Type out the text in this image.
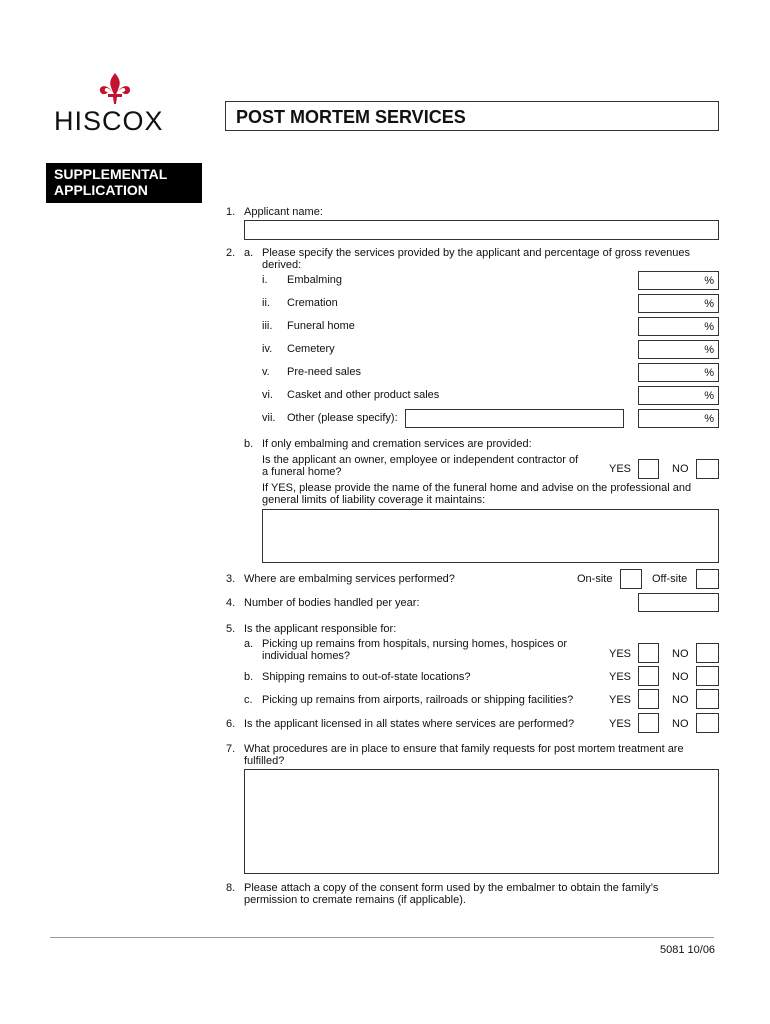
HISCOX	POST MORTEM SERVICES
SUPPLEMENTAL
APPLICATION
1. Applicant name:
2. a. Please specify the services provided by the applicant and percentage of gross revenues
derived:
i. Embalming	%
ii. Cremation	%
iii. Funeral home	%
iv. Cemetery	%
v. Pre-need sales	%
vi. Casket and other product sales	%
vii. Other (please specify):	%
b. If only embalming and cremation services are provided:
Is the applicant an owner, employee or independent contractor of
a funeral home?	YES	NO
If YES, please provide the name of the funeral home and advise on the professional and
general limits of liability coverage it maintains:
3. Where are embalming services performed?	On-site	Off-site
4. Number of bodies handled per year:
5. Is the applicant responsible for:
a. Picking up remains from hospitals, nursing homes, hospices or
individual homes?	YES	NO
b. Shipping remains to out-of-state locations?	YES	NO
c. Picking up remains from airports, railroads or shipping facilities?	YES	NO
6. Is the applicant licensed in all states where services are performed?	YES	NO
7. What procedures are in place to ensure that family requests for post mortem treatment are
fulfilled?
8. Please attach a copy of the consent form used by the embalmer to obtain the family’s
permission to cremate remains (if applicable).
5081 10/06
